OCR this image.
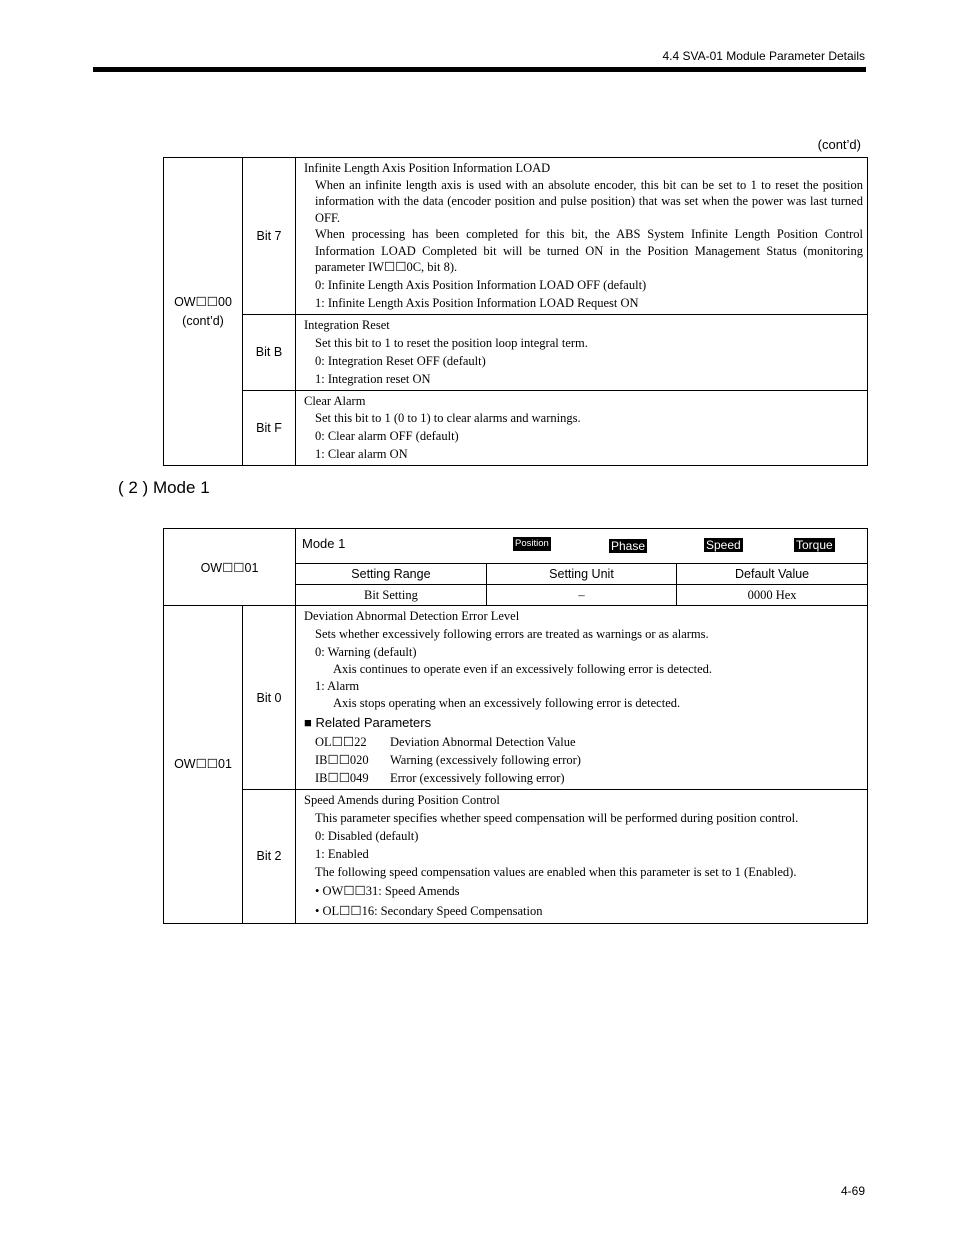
4.4 SVA-01 Module Parameter Details
(cont’d)
OW☐☐00
(cont’d)	Bit 7	Infinite Length Axis Position Information LOAD
When an infinite length axis is used with an absolute encoder, this bit can be set to 1 to reset the position information with the data (encoder position and pulse position) that was set when the power was last turned OFF.
When processing has been completed for this bit, the ABS System Infinite Length Position Control Information LOAD Completed bit will be turned ON in the Position Management Status (monitoring parameter IW☐☐0C, bit 8).
0: Infinite Length Axis Position Information LOAD OFF (default)
1: Infinite Length Axis Position Information LOAD Request ON

	Bit B	Integration Reset
Set this bit to 1 to reset the position loop integral term.
0: Integration Reset OFF (default)
1: Integration reset ON

	Bit F	Clear Alarm
Set this bit to 1 (0 to 1) to clear alarms and warnings.
0: Clear alarm OFF (default)
1: Clear alarm ON
( 2 ) Mode 1
OW☐☐01	
Mode 1	Position	Phase	Speed	Torque
Setting Range	Setting Unit	Default Value
Bit Setting	–	0000 Hex

OW☐☐01	Bit 0	
Deviation Abnormal Detection Error Level
Sets whether excessively following errors are treated as warnings or as alarms.
0: Warning (default)
Axis continues to operate even if an excessively following error is detected.
1: Alarm
Axis stops operating when an excessively following error is detected.
■ Related Parameters
OL☐☐22 Deviation Abnormal Detection Value
IB☐☐020 Warning (excessively following error)
IB☐☐049 Error (excessively following error)

Bit 2	
Speed Amends during Position Control
This parameter specifies whether speed compensation will be performed during position control.
0: Disabled (default)
1: Enabled
The following speed compensation values are enabled when this parameter is set to 1 (Enabled).
• OW☐☐31: Speed Amends
• OL☐☐16: Secondary Speed Compensation
4-69
